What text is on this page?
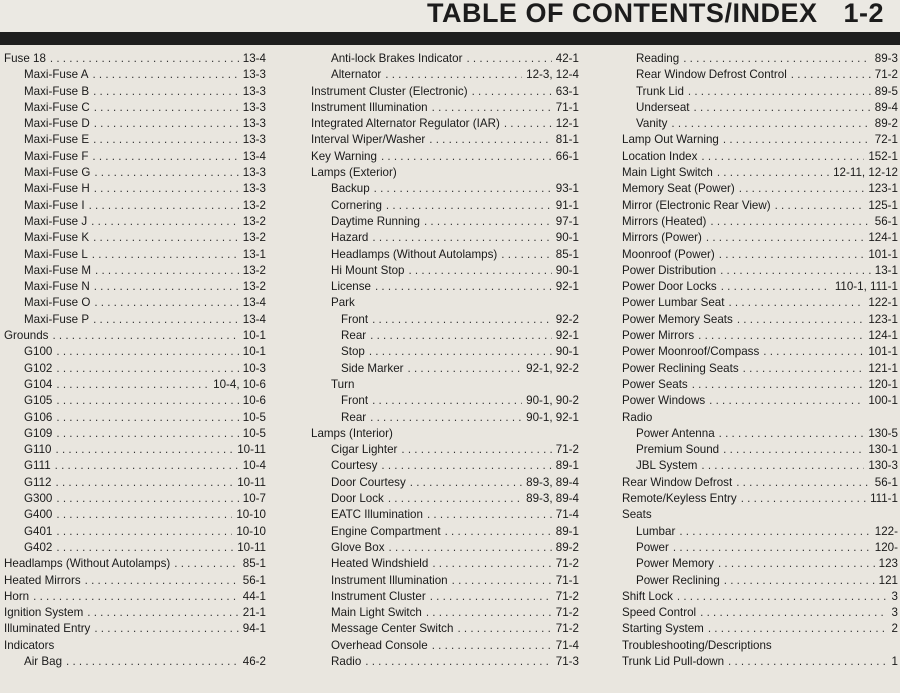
TABLE OF CONTENTS/INDEX 1-2
Fuse 18 . . .	13-4
Maxi-Fuse A . . .	13-3
Maxi-Fuse B . . .	13-3
Maxi-Fuse C . . .	13-3
Maxi-Fuse D . . .	13-3
Maxi-Fuse E . . .	13-3
Maxi-Fuse F . . .	13-4
Maxi-Fuse G . . .	13-3
Maxi-Fuse H . . .	13-3
Maxi-Fuse I . . .	13-2
Maxi-Fuse J . . .	13-2
Maxi-Fuse K . . .	13-2
Maxi-Fuse L . . .	13-1
Maxi-Fuse M . . .	13-2
Maxi-Fuse N . . .	13-2
Maxi-Fuse O . . .	13-4
Maxi-Fuse P . . .	13-4
Grounds . . .	10-1
G100 . . .	10-1
G102 . . .	10-3
G104 . . .	10-4, 10-6
G105 . . .	10-6
G106 . . .	10-5
G109 . . .	10-5
G110 . . .	10-11
G111 . . .	10-4
G112 . . .	10-11
G300 . . .	10-7
G400 . . .	10-10
G401 . . .	10-10
G402 . . .	10-11
Headlamps (Without Autolamps) . . .	85-1
Heated Mirrors . . .	56-1
Horn . . .	44-1
Ignition System . . .	21-1
Illuminated Entry . . .	94-1
Indicators
Air Bag . . .	46-2
Anti-lock Brakes Indicator . . .	42-1
Alternator . . .	12-3, 12-4
Instrument Cluster (Electronic) . . .	63-1
Instrument Illumination . . .	71-1
Integrated Alternator Regulator (IAR) . . .	12-1
Interval Wiper/Washer . . .	81-1
Key Warning . . .	66-1
Lamps (Exterior)
Backup . . .	93-1
Cornering . . .	91-1
Daytime Running . . .	97-1
Hazard . . .	90-1
Headlamps (Without Autolamps) . . .	85-1
Hi Mount Stop . . .	90-1
License . . .	92-1
Park
Front . . .	92-2
Rear . . .	92-1
Stop . . .	90-1
Side Marker . . .	92-1, 92-2
Turn
Front . . .	90-1, 90-2
Rear . . .	90-1, 92-1
Lamps (Interior)
Cigar Lighter . . .	71-2
Courtesy . . .	89-1
Door Courtesy . . .	89-3, 89-4
Door Lock . . .	89-3, 89-4
EATC Illumination . . .	71-4
Engine Compartment . . .	89-1
Glove Box . . .	89-2
Heated Windshield . . .	71-2
Instrument Illumination . . .	71-1
Instrument Cluster . . .	71-2
Main Light Switch . . .	71-2
Message Center Switch . . .	71-2
Overhead Console . . .	71-4
Radio . . .	71-3
Reading . . .	89-3
Rear Window Defrost Control . . .	71-2
Trunk Lid . . .	89-5
Underseat . . .	89-4
Vanity . . .	89-2
Lamp Out Warning . . .	72-1
Location Index . . .	152-1
Main Light Switch . . .	12-11, 12-12
Memory Seat (Power) . . .	123-1
Mirror (Electronic Rear View) . . .	125-1
Mirrors (Heated) . . .	56-1
Mirrors (Power) . . .	124-1
Moonroof (Power) . . .	101-1
Power Distribution . . .	13-1
Power Door Locks . . .	110-1, 111-1
Power Lumbar Seat . . .	122-1
Power Memory Seats . . .	123-1
Power Mirrors . . .	124-1
Power Moonroof/Compass . . .	101-1
Power Reclining Seats . . .	121-1
Power Seats . . .	120-1
Power Windows . . .	100-1
Radio
Power Antenna . . .	130-5
Premium Sound . . .	130-1
JBL System . . .	130-3
Rear Window Defrost . . .	56-1
Remote/Keyless Entry . . .	111-1
Seats
Lumbar . . .	122-
Power . . .	120-
Power Memory . . .	123
Power Reclining . . .	121
Shift Lock . . .	3
Speed Control . . .	3
Starting System . . .	2
Troubleshooting/Descriptions
Trunk Lid Pull-down . . .	1
